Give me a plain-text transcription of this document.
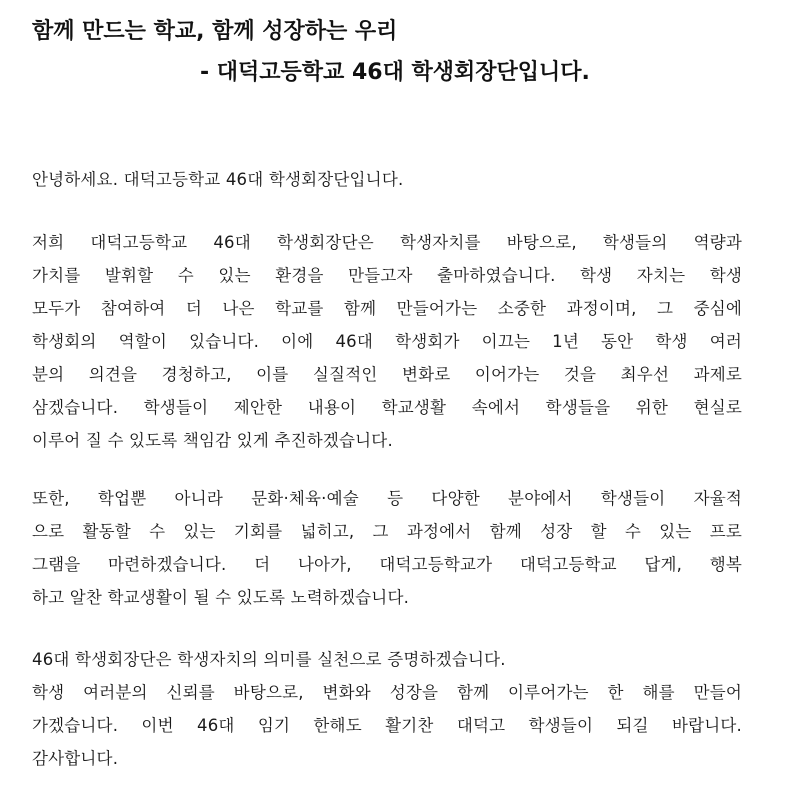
함께 만드는 학교, 함께 성장하는 우리
- 대덕고등학교 46대 학생회장단입니다.

안녕하세요. 대덕고등학교 46대 학생회장단입니다.

저희 대덕고등학교 46대 학생회장단은 학생자치를 바탕으로, 학생들의 역량과
가치를 발휘할 수 있는 환경을 만들고자 출마하였습니다. 학생 자치는 학생
모두가 참여하여 더 나은 학교를 함께 만들어가는 소중한 과정이며, 그 중심에
학생회의 역할이 있습니다. 이에 46대 학생회가 이끄는 1년 동안 학생 여러
분의 의견을 경청하고, 이를 실질적인 변화로 이어가는 것을 최우선 과제로
삼겠습니다. 학생들이 제안한 내용이 학교생활 속에서 학생들을 위한 현실로
이루어 질 수 있도록 책임감 있게 추진하겠습니다.

또한, 학업뿐 아니라 문화·체육·예술 등 다양한 분야에서 학생들이 자율적
으로 활동할 수 있는 기회를 넓히고, 그 과정에서 함께 성장 할 수 있는 프로
그램을 마련하겠습니다. 더 나아가, 대덕고등학교가 대덕고등학교 답게, 행복
하고 알찬 학교생활이 될 수 있도록 노력하겠습니다.

46대 학생회장단은 학생자치의 의미를 실천으로 증명하겠습니다.
학생 여러분의 신뢰를 바탕으로, 변화와 성장을 함께 이루어가는 한 해를 만들어
가겠습니다. 이번 46대 임기 한해도 활기찬 대덕고 학생들이 되길 바랍니다.
감사합니다.
